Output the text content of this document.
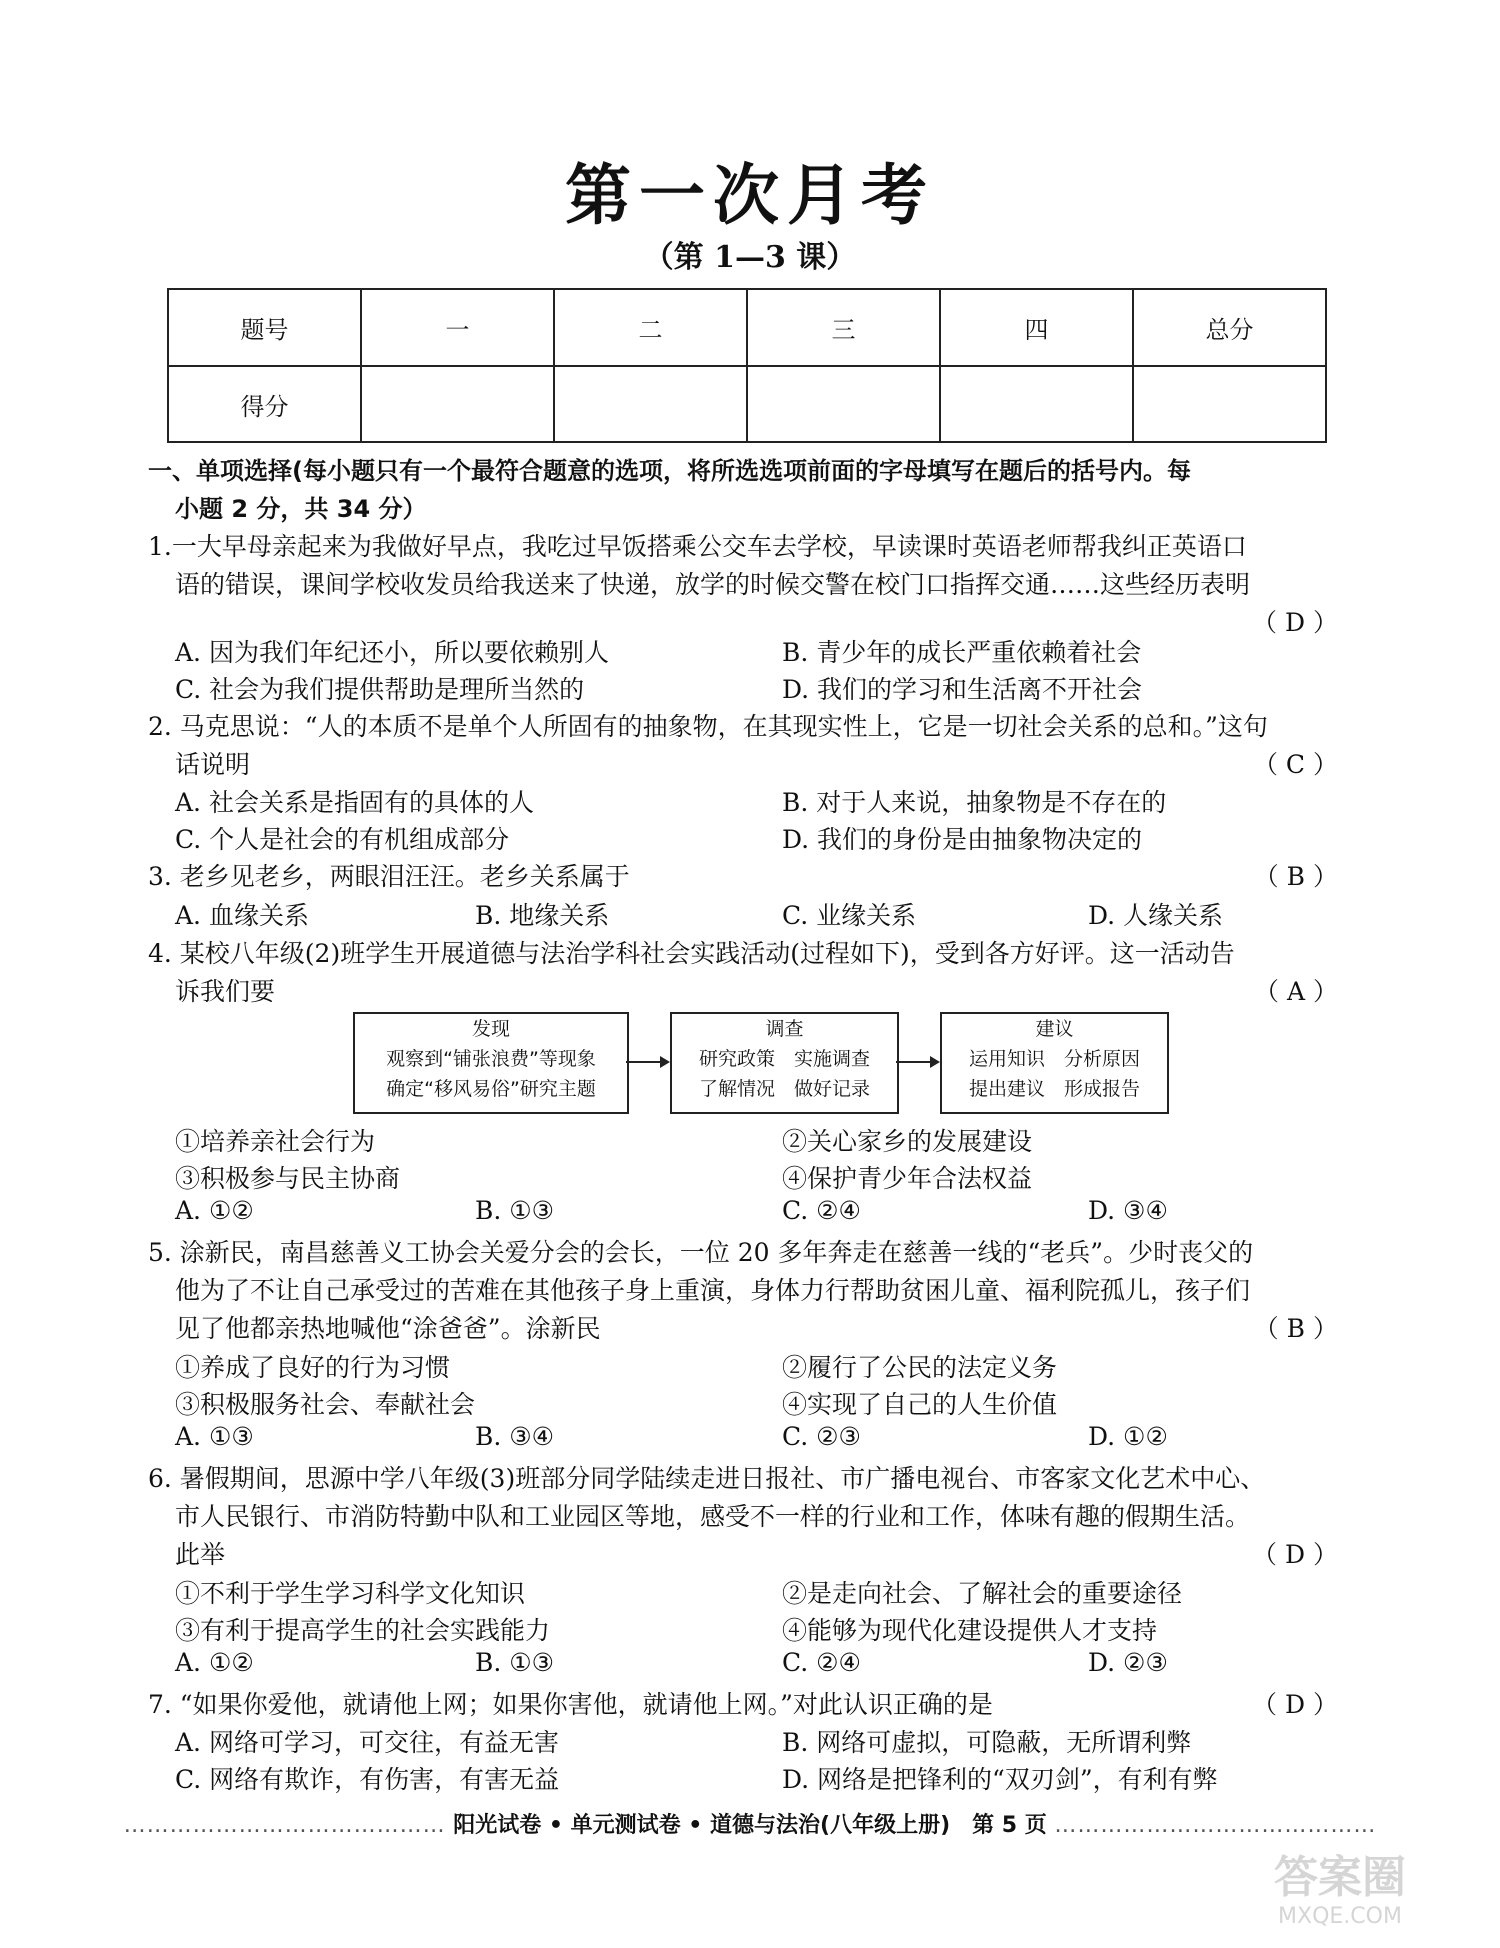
第一次月考
（第 1—3 课）
题号	一	二	三	四	总分
得分					
一、单项选择(每小题只有一个最符合题意的选项，将所选选项前面的字母填写在题后的括号内。每
小题 2 分，共 34 分）
1.一大早母亲起来为我做好早点，我吃过早饭搭乘公交车去学校，早读课时英语老师帮我纠正英语口
语的错误，课间学校收发员给我送来了快递，放学的时候交警在校门口指挥交通……这些经历表明
（ D ）
A. 因为我们年纪还小，所以要依赖别人	B. 青少年的成长严重依赖着社会
C. 社会为我们提供帮助是理所当然的	D. 我们的学习和生活离不开社会
2. 马克思说：“人的本质不是单个人所固有的抽象物，在其现实性上，它是一切社会关系的总和。”这句
话说明	（ C ）
A. 社会关系是指固有的具体的人	B. 对于人来说，抽象物是不存在的
C. 个人是社会的有机组成部分	D. 我们的身份是由抽象物决定的
3. 老乡见老乡，两眼泪汪汪。老乡关系属于	（ B ）
A. 血缘关系	B. 地缘关系	C. 业缘关系	D. 人缘关系
4. 某校八年级(2)班学生开展道德与法治学科社会实践活动(过程如下)，受到各方好评。这一活动告
诉我们要	（ A ）
发现
观察到“铺张浪费”等现象
确定“移风易俗”研究主题
调查
研究政策　实施调查
了解情况　做好记录
建议
运用知识　分析原因
提出建议　形成报告
①培养亲社会行为	②关心家乡的发展建设
③积极参与民主协商	④保护青少年合法权益
A. ①②	B. ①③	C. ②④	D. ③④
5. 涂新民，南昌慈善义工协会关爱分会的会长，一位 20 多年奔走在慈善一线的“老兵”。少时丧父的
他为了不让自己承受过的苦难在其他孩子身上重演，身体力行帮助贫困儿童、福利院孤儿，孩子们
见了他都亲热地喊他“涂爸爸”。涂新民	（ B ）
①养成了良好的行为习惯	②履行了公民的法定义务
③积极服务社会、奉献社会	④实现了自己的人生价值
A. ①③	B. ③④	C. ②③	D. ①②
6. 暑假期间，思源中学八年级(3)班部分同学陆续走进日报社、市广播电视台、市客家文化艺术中心、
市人民银行、市消防特勤中队和工业园区等地，感受不一样的行业和工作，体味有趣的假期生活。
此举	（ D ）
①不利于学生学习科学文化知识	②是走向社会、了解社会的重要途径
③有利于提高学生的社会实践能力	④能够为现代化建设提供人才支持
A. ①②	B. ①③	C. ②④	D. ②③
7. “如果你爱他，就请他上网；如果你害他，就请他上网。”对此认识正确的是	（ D ）
A. 网络可学习，可交往，有益无害	B. 网络可虚拟，可隐蔽，无所谓利弊
C. 网络有欺诈，有伤害，有害无益	D. 网络是把锋利的“双刃剑”，有利有弊
…………………………………… 阳光试卷 • 单元测试卷 • 道德与法治(八年级上册)　第 5 页 ……………………………………
答案圈
MXQE.COM
